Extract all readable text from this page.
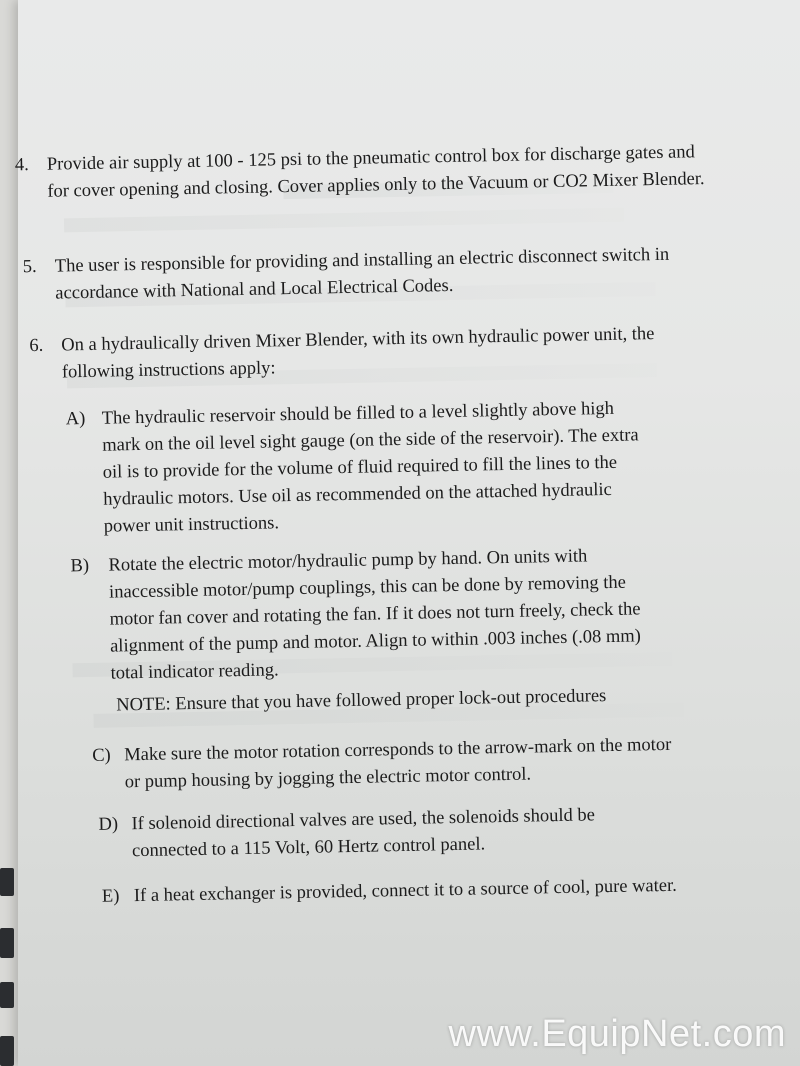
4. Provide air supply at 100 - 125 psi to the pneumatic control box for discharge gates and for cover opening and closing. Cover applies only to the Vacuum or CO2 Mixer Blender.
5. The user is responsible for providing and installing an electric disconnect switch in accordance with National and Local Electrical Codes.
6. On a hydraulically driven Mixer Blender, with its own hydraulic power unit, the following instructions apply:
A) The hydraulic reservoir should be filled to a level slightly above high mark on the oil level sight gauge (on the side of the reservoir). The extra oil is to provide for the volume of fluid required to fill the lines to the hydraulic motors. Use oil as recommended on the attached hydraulic power unit instructions.
B) Rotate the electric motor/hydraulic pump by hand. On units with inaccessible motor/pump couplings, this can be done by removing the motor fan cover and rotating the fan. If it does not turn freely, check the alignment of the pump and motor. Align to within .003 inches (.08 mm) total indicator reading.
NOTE: Ensure that you have followed proper lock-out procedures
C) Make sure the motor rotation corresponds to the arrow-mark on the motor or pump housing by jogging the electric motor control.
D) If solenoid directional valves are used, the solenoids should be connected to a 115 Volt, 60 Hertz control panel.
E) If a heat exchanger is provided, connect it to a source of cool, pure water.
www.EquipNet.com
